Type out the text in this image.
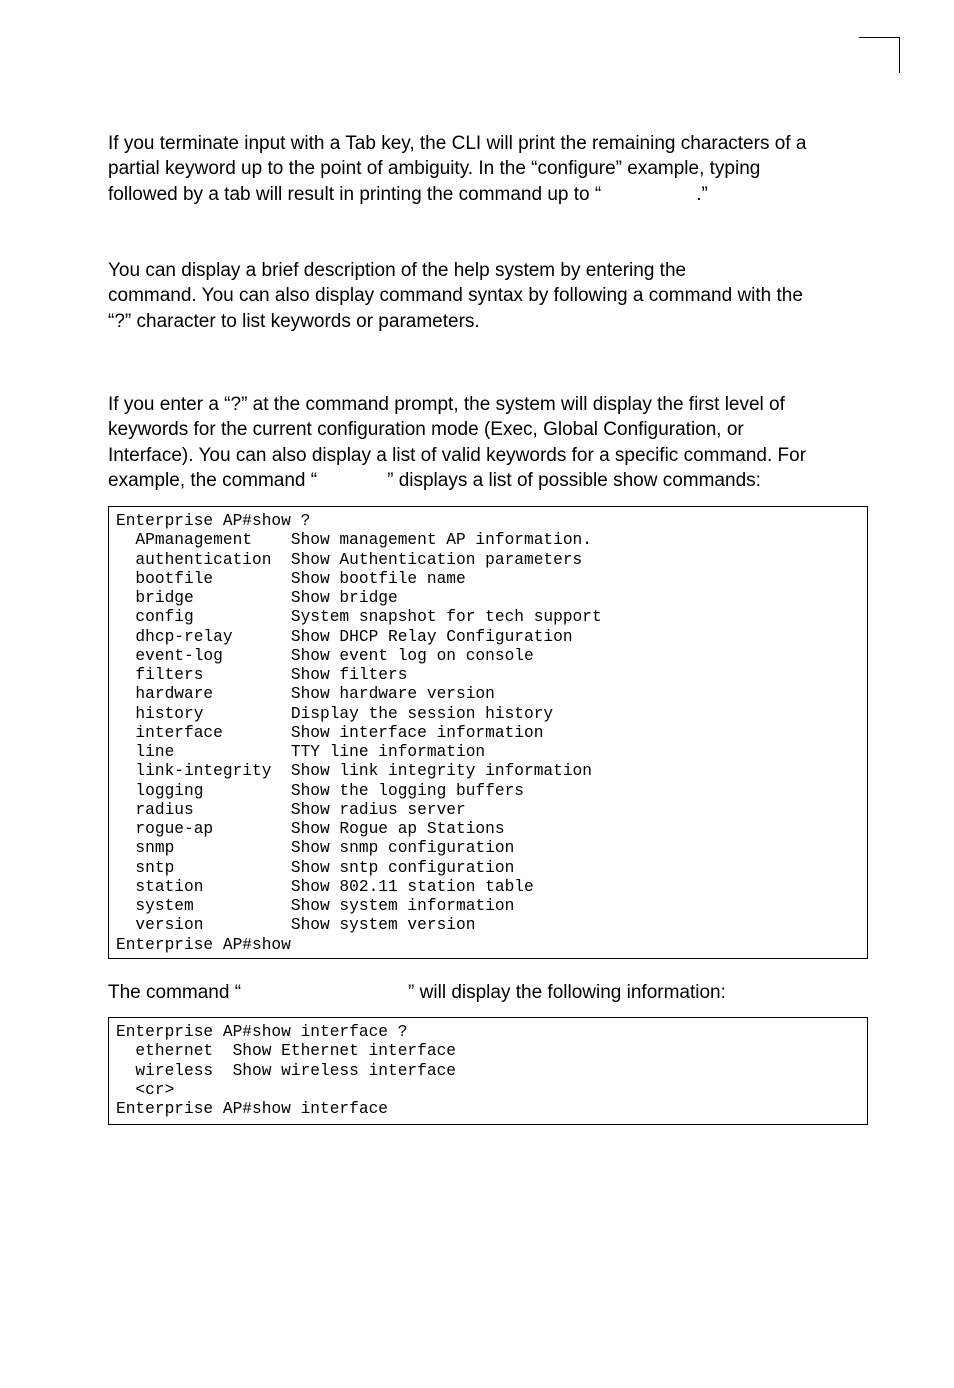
If you terminate input with a Tab key, the CLI will print the remaining characters of a
partial keyword up to the point of ambiguity. In the “configure” example, typing
followed by a tab will result in printing the command up to “	.”

You can display a brief description of the help system by entering the
command. You can also display command syntax by following a command with the
“?” character to list keywords or parameters.

If you enter a “?” at the command prompt, the system will display the first level of
keywords for the current configuration mode (Exec, Global Configuration, or
Interface). You can also display a list of valid keywords for a specific command. For
example, the command “	” displays a list of possible show commands:

Enterprise AP#show ?
APmanagement    Show management AP information.
authentication  Show Authentication parameters
bootfile        Show bootfile name
bridge          Show bridge
config          System snapshot for tech support
dhcp-relay      Show DHCP Relay Configuration
event-log       Show event log on console
filters         Show filters
hardware        Show hardware version
history         Display the session history
interface       Show interface information
line            TTY line information
link-integrity  Show link integrity information
logging         Show the logging buffers
radius          Show radius server
rogue-ap        Show Rogue ap Stations
snmp            Show snmp configuration
sntp            Show sntp configuration
station         Show 802.11 station table
system          Show system information
version         Show system version
Enterprise AP#show

The command “	” will display the following information:

Enterprise AP#show interface ?
ethernet  Show Ethernet interface
wireless  Show wireless interface
<cr>
Enterprise AP#show interface
